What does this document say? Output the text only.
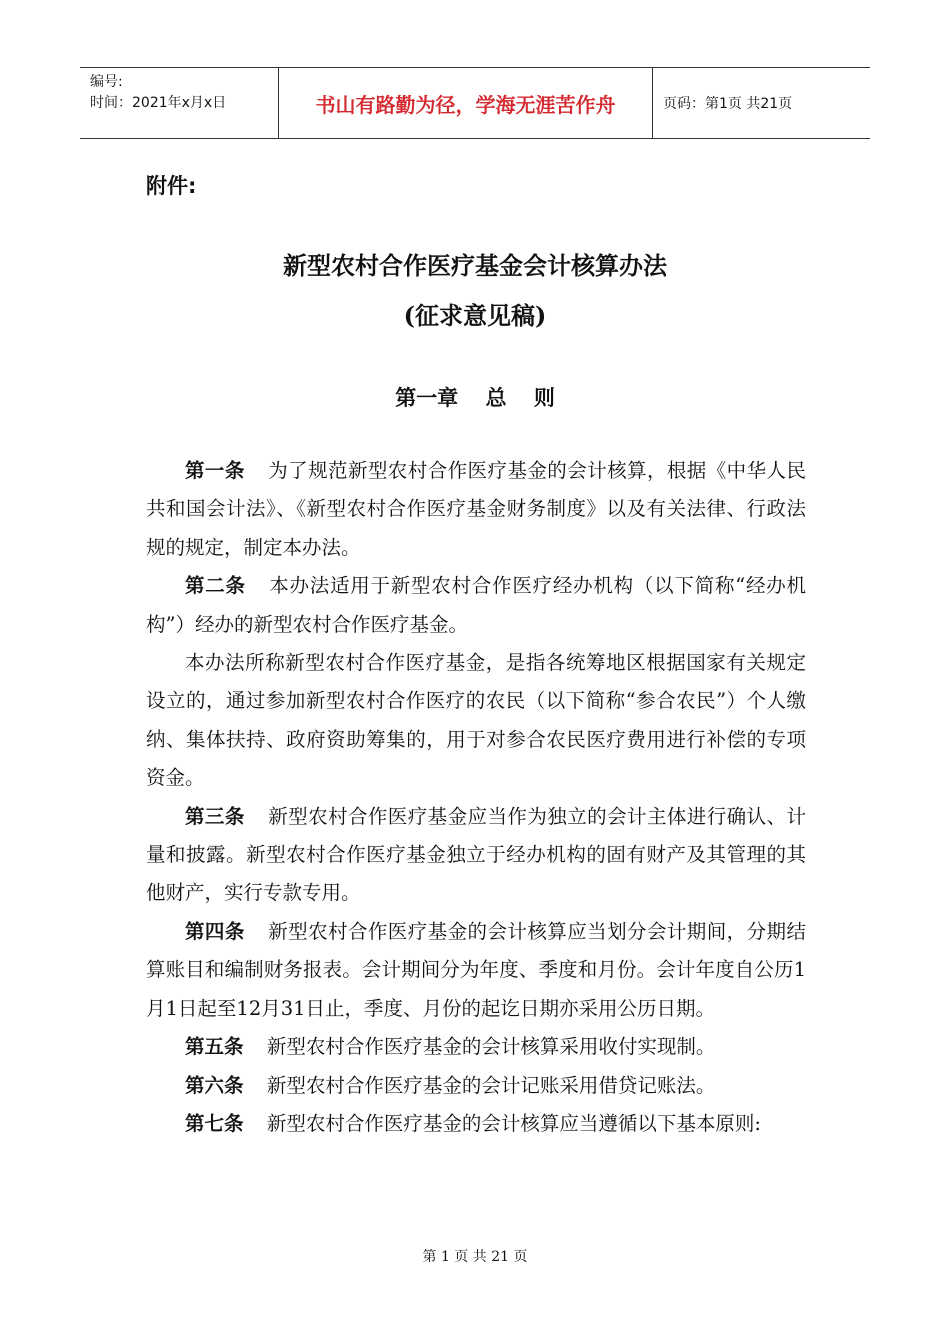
编号:
时间：2021年x月x日	书山有路勤为径，学海无涯苦作舟	页码：第1页 共21页
附件:
新型农村合作医疗基金会计核算办法
(征求意见稿)
第一章 总 则

第一条 为了规范新型农村合作医疗基金的会计核算，根据《中华人民共和国会计法》、《新型农村合作医疗基金财务制度》以及有关法律、行政法规的规定，制定本办法。

第二条 本办法适用于新型农村合作医疗经办机构（以下简称“经办机构”）经办的新型农村合作医疗基金。

本办法所称新型农村合作医疗基金，是指各统筹地区根据国家有关规定设立的，通过参加新型农村合作医疗的农民（以下简称“参合农民”）个人缴纳、集体扶持、政府资助筹集的，用于对参合农民医疗费用进行补偿的专项资金。

第三条 新型农村合作医疗基金应当作为独立的会计主体进行确认、计量和披露。新型农村合作医疗基金独立于经办机构的固有财产及其管理的其他财产，实行专款专用。

第四条 新型农村合作医疗基金的会计核算应当划分会计期间，分期结算账目和编制财务报表。会计期间分为年度、季度和月份。会计年度自公历1月1日起至12月31日止，季度、月份的起讫日期亦采用公历日期。

第五条 新型农村合作医疗基金的会计核算采用收付实现制。

第六条 新型农村合作医疗基金的会计记账采用借贷记账法。

第七条 新型农村合作医疗基金的会计核算应当遵循以下基本原则:

第 1 页 共 21 页
